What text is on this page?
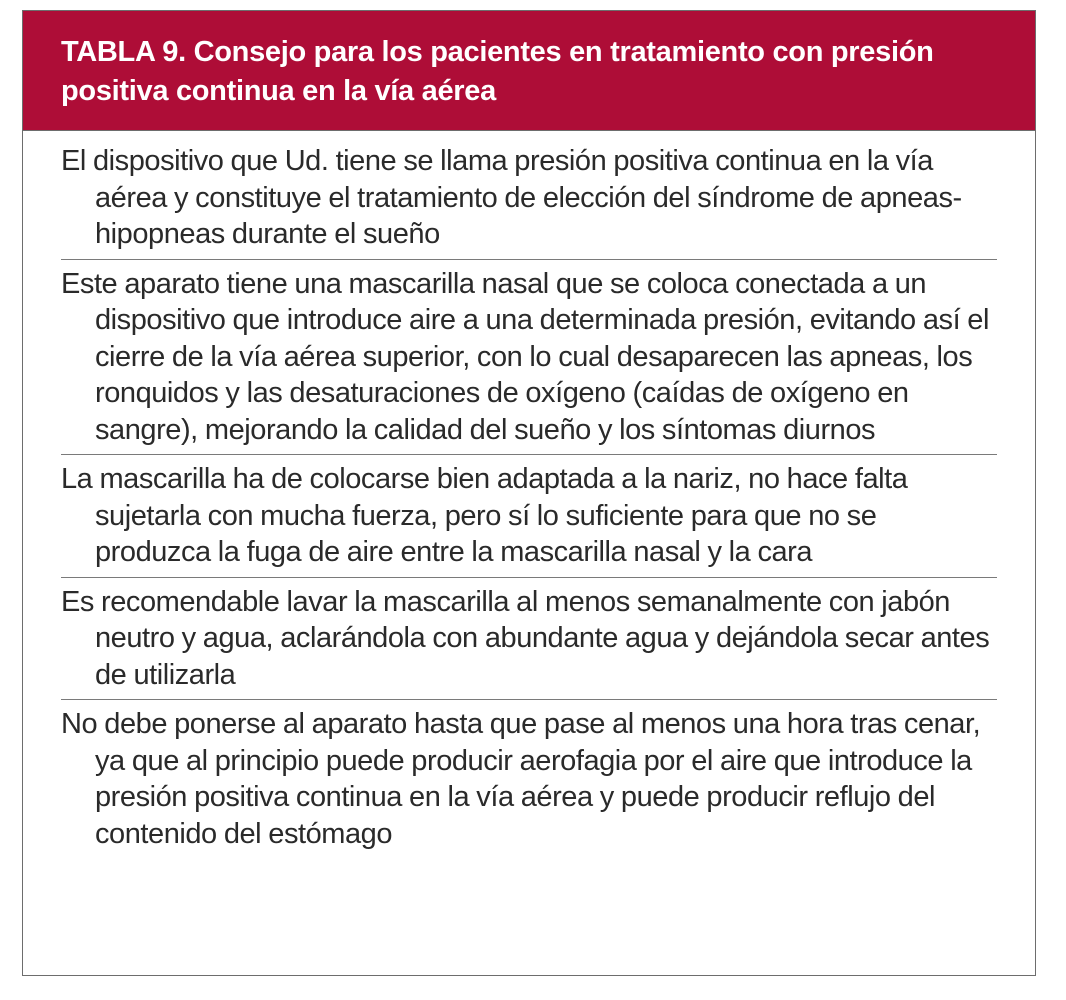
TABLA 9. Consejo para los pacientes en tratamiento con presión positiva continua en la vía aérea
El dispositivo que Ud. tiene se llama presión positiva continua en la vía aérea y constituye el tratamiento de elección del síndrome de apneas-hipopneas durante el sueño
Este aparato tiene una mascarilla nasal que se coloca conectada a un dispositivo que introduce aire a una determinada presión, evitando así el cierre de la vía aérea superior, con lo cual desaparecen las apneas, los ronquidos y las desaturaciones de oxígeno (caídas de oxígeno en sangre), mejorando la calidad del sueño y los síntomas diurnos
La mascarilla ha de colocarse bien adaptada a la nariz, no hace falta sujetarla con mucha fuerza, pero sí lo suficiente para que no se produzca la fuga de aire entre la mascarilla nasal y la cara
Es recomendable lavar la mascarilla al menos semanalmente con jabón neutro y agua, aclarándola con abundante agua y dejándola secar antes de utilizarla
No debe ponerse al aparato hasta que pase al menos una hora tras cenar, ya que al principio puede producir aerofagia por el aire que introduce la presión positiva continua en la vía aérea y puede producir reflujo del contenido del estómago
